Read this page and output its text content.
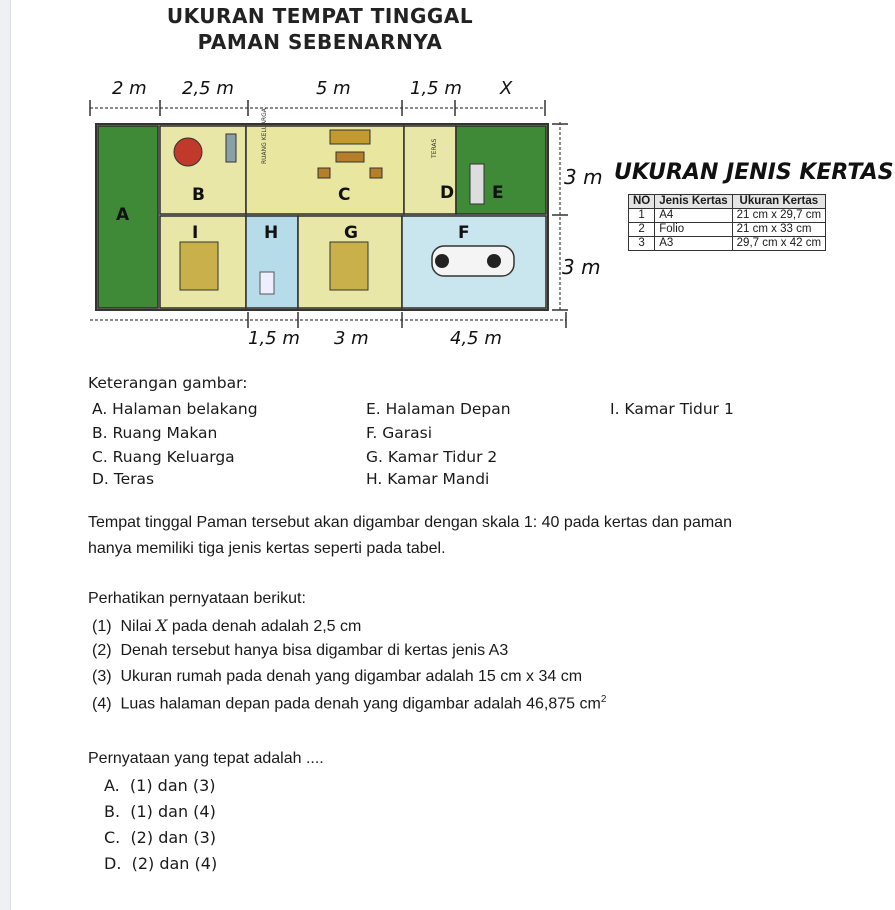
UKURAN TEMPAT TINGGAL
PAMAN SEBENARNYA
2 m 2,5 m	5 m	1,5 m X
RUANG KELUARGA	TERAS
A
B	C	D E
F
G
H
I
3 m
3 m
1,5 m 3 m	4,5 m
UKURAN JENIS KERTAS
NO	Jenis Kertas	Ukuran Kertas
1	A4	21 cm x 29,7 cm
2	Folio	21 cm x 33 cm
3	A3	29,7 cm x 42 cm
Keterangan gambar:
A. Halaman belakang
B. Ruang Makan
C. Ruang Keluarga
D. Teras
E. Halaman Depan
F. Garasi
G. Kamar Tidur 2
H. Kamar Mandi
I. Kamar Tidur 1
Tempat tinggal Paman tersebut akan digambar dengan skala 1: 40 pada kertas dan paman
hanya memiliki tiga jenis kertas seperti pada tabel.
Perhatikan pernyataan berikut:
(1) Nilai X pada denah adalah 2,5 cm
(2) Denah tersebut hanya bisa digambar di kertas jenis A3
(3) Ukuran rumah pada denah yang digambar adalah 15 cm x 34 cm
(4) Luas halaman depan pada denah yang digambar adalah 46,875 $cm^2$
Pernyataan yang tepat adalah ....
A. (1) dan (3)
B. (1) dan (4)
C. (2) dan (3)
D. (2) dan (4)
